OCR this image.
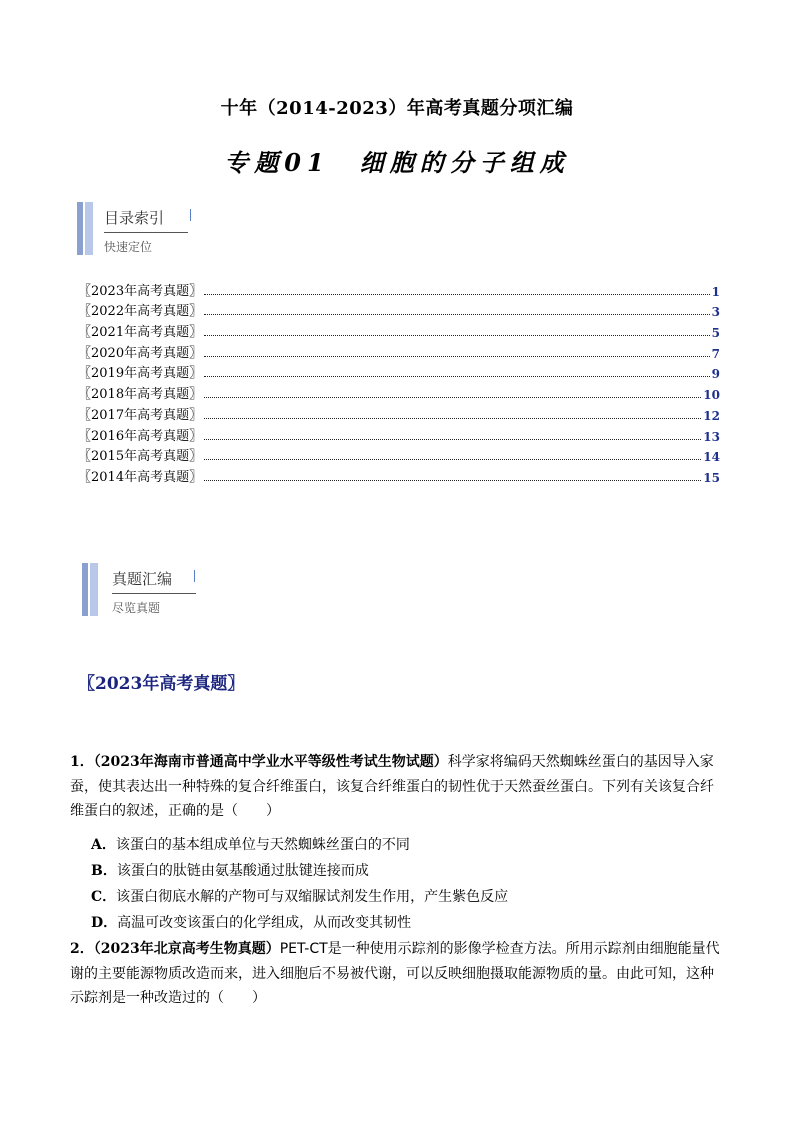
十年（2014-2023）年高考真题分项汇编
专题01　细胞的分子组成
目录索引
快速定位
〖2023年高考真题〗	1
〖2022年高考真题〗	3
〖2021年高考真题〗	5
〖2020年高考真题〗	7
〖2019年高考真题〗	9
〖2018年高考真题〗	10
〖2017年高考真题〗	12
〖2016年高考真题〗	13
〖2015年高考真题〗	14
〖2014年高考真题〗	15
真题汇编
尽览真题
〖2023年高考真题〗
1．（2023年海南市普通高中学业水平等级性考试生物试题）科学家将编码天然蜘蛛丝蛋白的基因导入家蚕，使其表达出一种特殊的复合纤维蛋白，该复合纤维蛋白的韧性优于天然蚕丝蛋白。下列有关该复合纤维蛋白的叙述，正确的是（　　）
A．该蛋白的基本组成单位与天然蜘蛛丝蛋白的不同
B．该蛋白的肽链由氨基酸通过肽键连接而成
C．该蛋白彻底水解的产物可与双缩脲试剂发生作用，产生紫色反应
D．高温可改变该蛋白的化学组成，从而改变其韧性
2．（2023年北京高考生物真题）PET-CT是一种使用示踪剂的影像学检查方法。所用示踪剂由细胞能量代谢的主要能源物质改造而来，进入细胞后不易被代谢，可以反映细胞摄取能源物质的量。由此可知，这种示踪剂是一种改造过的（　　）
